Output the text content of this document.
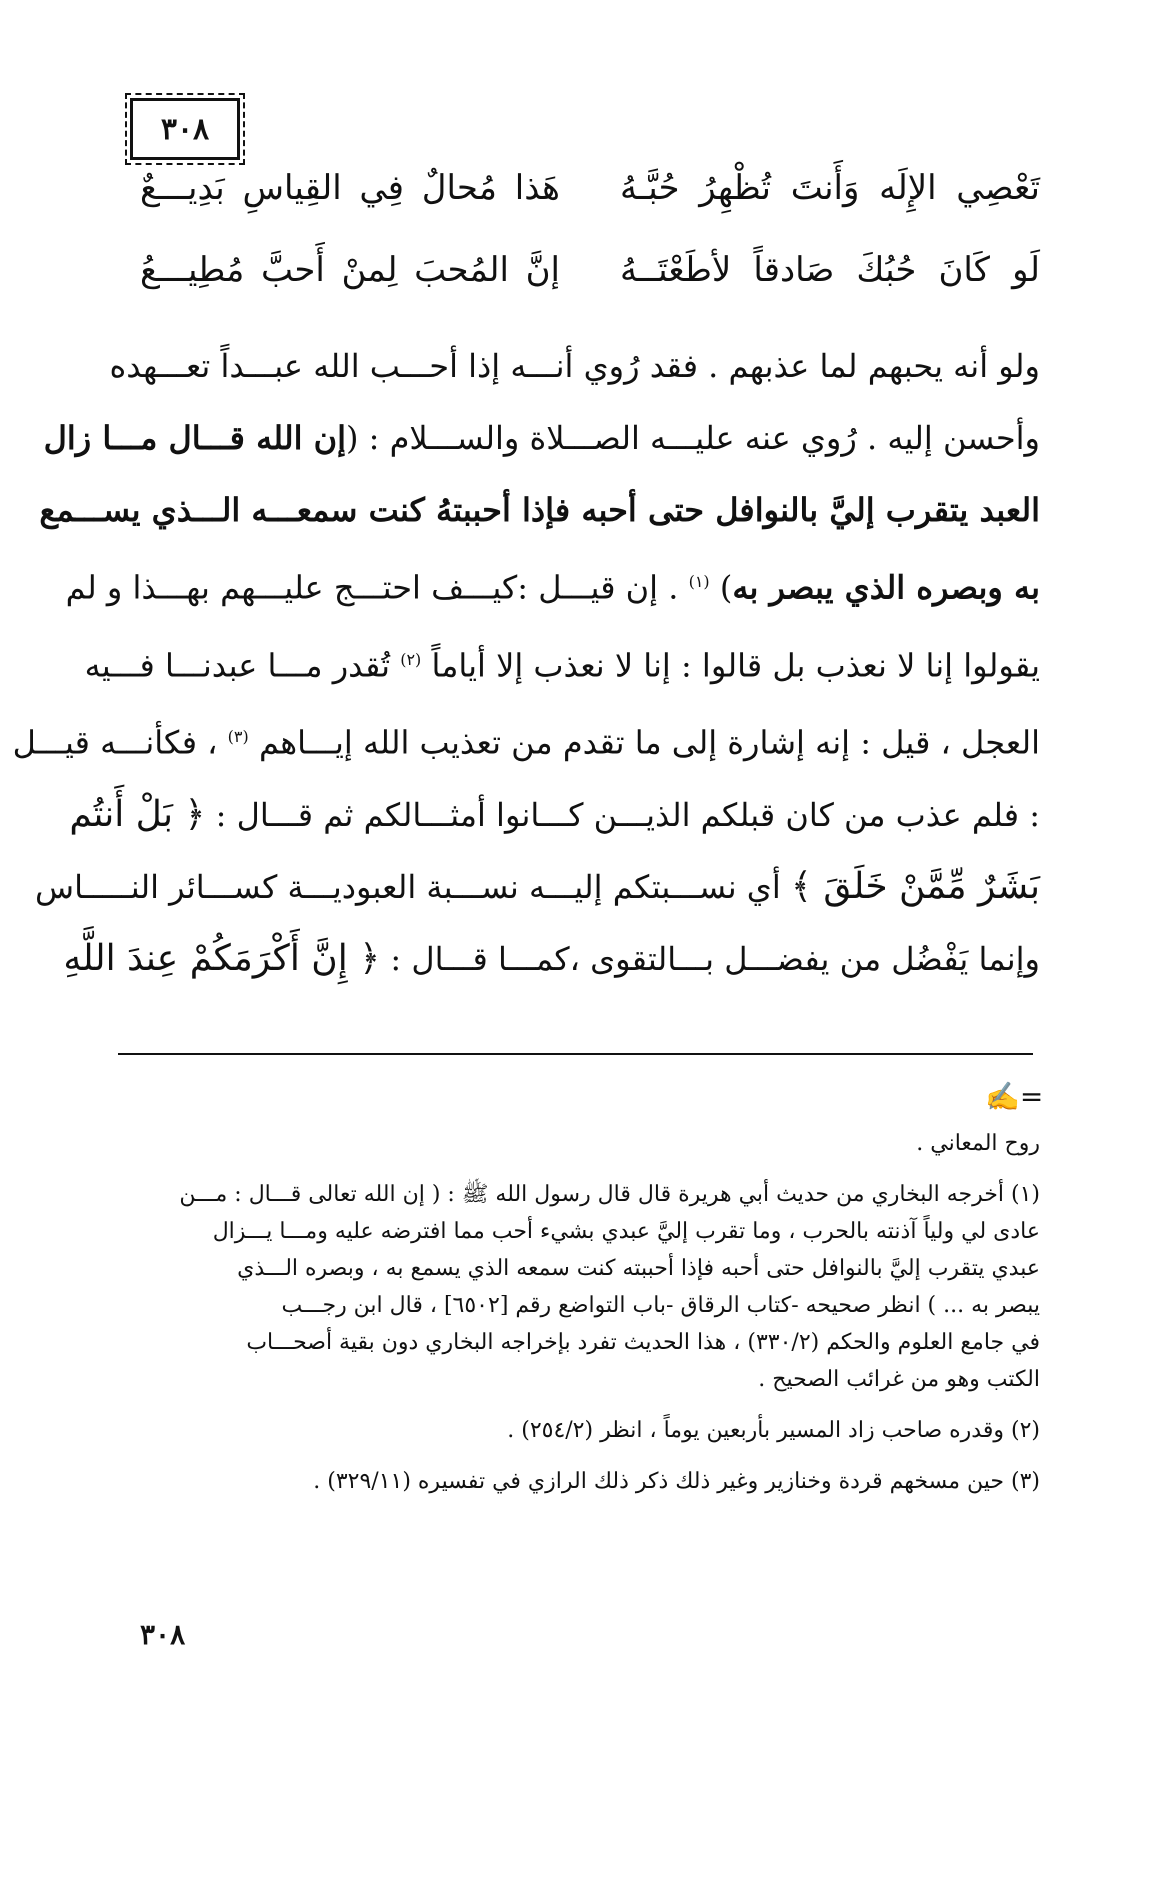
٣٠٨
تَعْصِي الإِلَه وَأَنتَ تُظْهِرُ حُبَّـهُ
هَذا مُحالٌ فِي القِياسِ بَدِيـــعٌ
لَو كَانَ حُبُكَ صَادقاً لأطَعْتَــهُ
إنَّ المُحبَ لِمنْ أَحبَّ مُطِيـــعُ

ولو أنه يحبهم لما عذبهم . فقد رُوي أنـــه إذا أحـــب الله عبـــداً تعـــهده

وأحسن إليه . رُوي عنه عليـــه الصـــلاة والســـلام : (إن الله قـــال مـــا زال

العبد يتقرب إليَّ بالنوافل حتى أحبه فإذا أحببتهُ كنت سمعـــه الـــذي يســـمع

به وبصره الذي يبصر به) $^{(١)}$ . إن قيـــل :كيـــف احتـــج عليـــهم بهـــذا و لم

يقولوا إنا لا نعذب بل قالوا : إنا لا نعذب إلا أياماً $^{(٢)}$ تُقدر مـــا عبدنـــا فـــيه

العجل ، قيل : إنه إشارة إلى ما تقدم من تعذيب الله إيـــاهم $^{(٣)}$ ، فكأنـــه قيـــل

: فلم عذب من كان قبلكم الذيـــن كـــانوا أمثـــالكم ثم قـــال : ﴿ بَلْ أَنتُم

بَشَرٌ مِّمَّنْ خَلَقَ ﴾ أي نســـبتكم إليـــه نســـبة العبوديـــة كســـائر النـــــاس

وإنما يَفْضُل من يفضـــل بـــالتقوى ،كمـــا قـــال : ﴿ إِنَّ أَكْرَمَكُمْ عِندَ اللَّهِ

✍=

روح المعاني .

(١) أخرجه البخاري من حديث أبي هريرة قال قال رسول الله ﷺ : ( إن الله تعالى قـــال : مـــن

عادى لي ولياً آذنته بالحرب ، وما تقرب إليَّ عبدي بشيء أحب مما افترضه عليه ومـــا يـــزال

عبدي يتقرب إليَّ بالنوافل حتى أحبه فإذا أحببته كنت سمعه الذي يسمع به ، وبصره الـــذي

يبصر به ... ) انظر صحيحه -كتاب الرقاق -باب التواضع رقم [٦٥٠٢] ، قال ابن رجـــب

في جامع العلوم والحكم (٣٣٠/٢) ، هذا الحديث تفرد بإخراجه البخاري دون بقية أصحـــاب

الكتب وهو من غرائب الصحيح .

(٢) وقدره صاحب زاد المسير بأربعين يوماً ، انظر (٢٥٤/٢) .

(٣) حين مسخهم قردة وخنازير وغير ذلك ذكر ذلك الرازي في تفسيره (٣٢٩/١١) .

٣٠٨
